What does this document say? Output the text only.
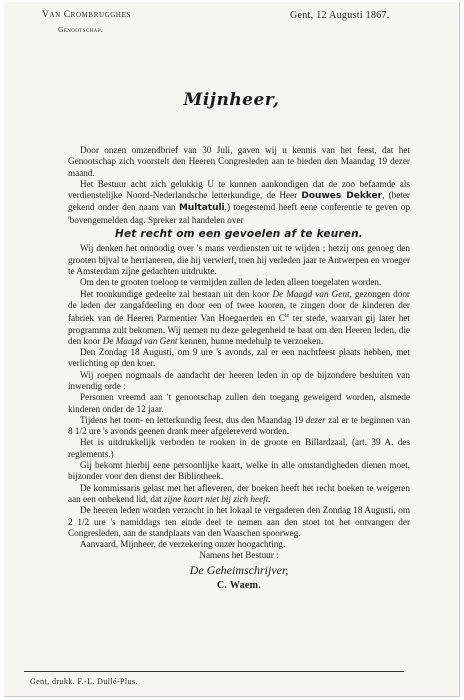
Van Crombrugghes
Genootschap.
Gent, 12 Augusti 1867.
Mijnheer,

Door onzen omzendbrief van 30 Juli, gaven wij u kennis van het feest, dat het Genootschap zich voorstelt den Heeren Congresleden aan te bieden den Maandag 19 dezer maand.

Het Bestuur acht zich gelukkig U te kunnen aankondigen dat de zoo befaamde als verdienstelijke Noord-Nederlandsche letterkundige, de Heer Douwes Dekker, (beter gekend onder den naam van Multatuli,) toegestemd heeft eene conferentie te geven op 'bovengemelden dag. Spreker zal handelen over

Het recht om een gevoelen af te keuren.

Wij denken het onnoodig over 's mans verdiensten uit te wijden ; hetzij ons genoeg den grooten bijval te herrianeren, die hij verwierf, toen hij verleden jaar te Antwerpen en vroeger te Amsterdam zijne gedachten uitdrukte.

Om den te grooten toeloop te vermijden zullen de leden alleen toegelaten worden.

Het toonkundige gedeelte zal bestaan uit den koor De Maagd van Gent, gezongen door de leden der zangafdeeling en door een of twee kooren, te zingen door de kinderen der fabriek van de Heeren Parmentier Van Hoegaerden en $C^{ie}$ ter stede, waarvan gij later het programma zult bekomen. Wij nemen nu deze gelegenheid te baat om den Heeren leden, die den koor De Maagd van Gent kennen, hunne medehulp te verzoeken.

Den Zondag 18 Augusti, om 9 ure 's avonds, zal er een nachtfeest plaats hebben, met verlichting op den koer.

Wij roepen nogmaals de aandacht der heeren leden in op de bijzondere besluiten van inwendig orde :

Personen vreemd aan 't genootschap zullen den toegang geweigerd worden, alsmede kinderen onder de 12 jaar.

Tijdens het toon- en letterkundig feest, dus den Maandag 19 dezer zal er te beginnen van 8 1/2 ure 's avonds geenen drank meer afgelereverd worden.

Het is uitdrukkelijk verboden te rooken in de groote en Billardzaal, (art. 39 A. des reglements.)

Gij bekomt hierbij eene persoonlijke kaart, welke in alle omstandigheden dienen moet, bijzonder voor den dienst der Bibliotheek.

De kommissaris gelast met het afleveren, der boeken heeft het recht boeken te weigeren aan een onbekend lid, dat zijne kaart niet bij zich heeft.

De heeren leden worden verzocht in het lokaal te vergaderen den Zondag 18 Augusti, om 2 1/2 ure 's namiddags ten einde deel te nemen aan den stoet tot het ontvangen der Congresleden, aan de standplaats van den Waaschen spoorweg.

Aanvaard, Mijnheer, de verzekering onzer hoogachting.

Namens het Bestuur :
De Geheimschrijver,
C. Waem.
Gent, drukk. F.-L. Dullé-Plus.
